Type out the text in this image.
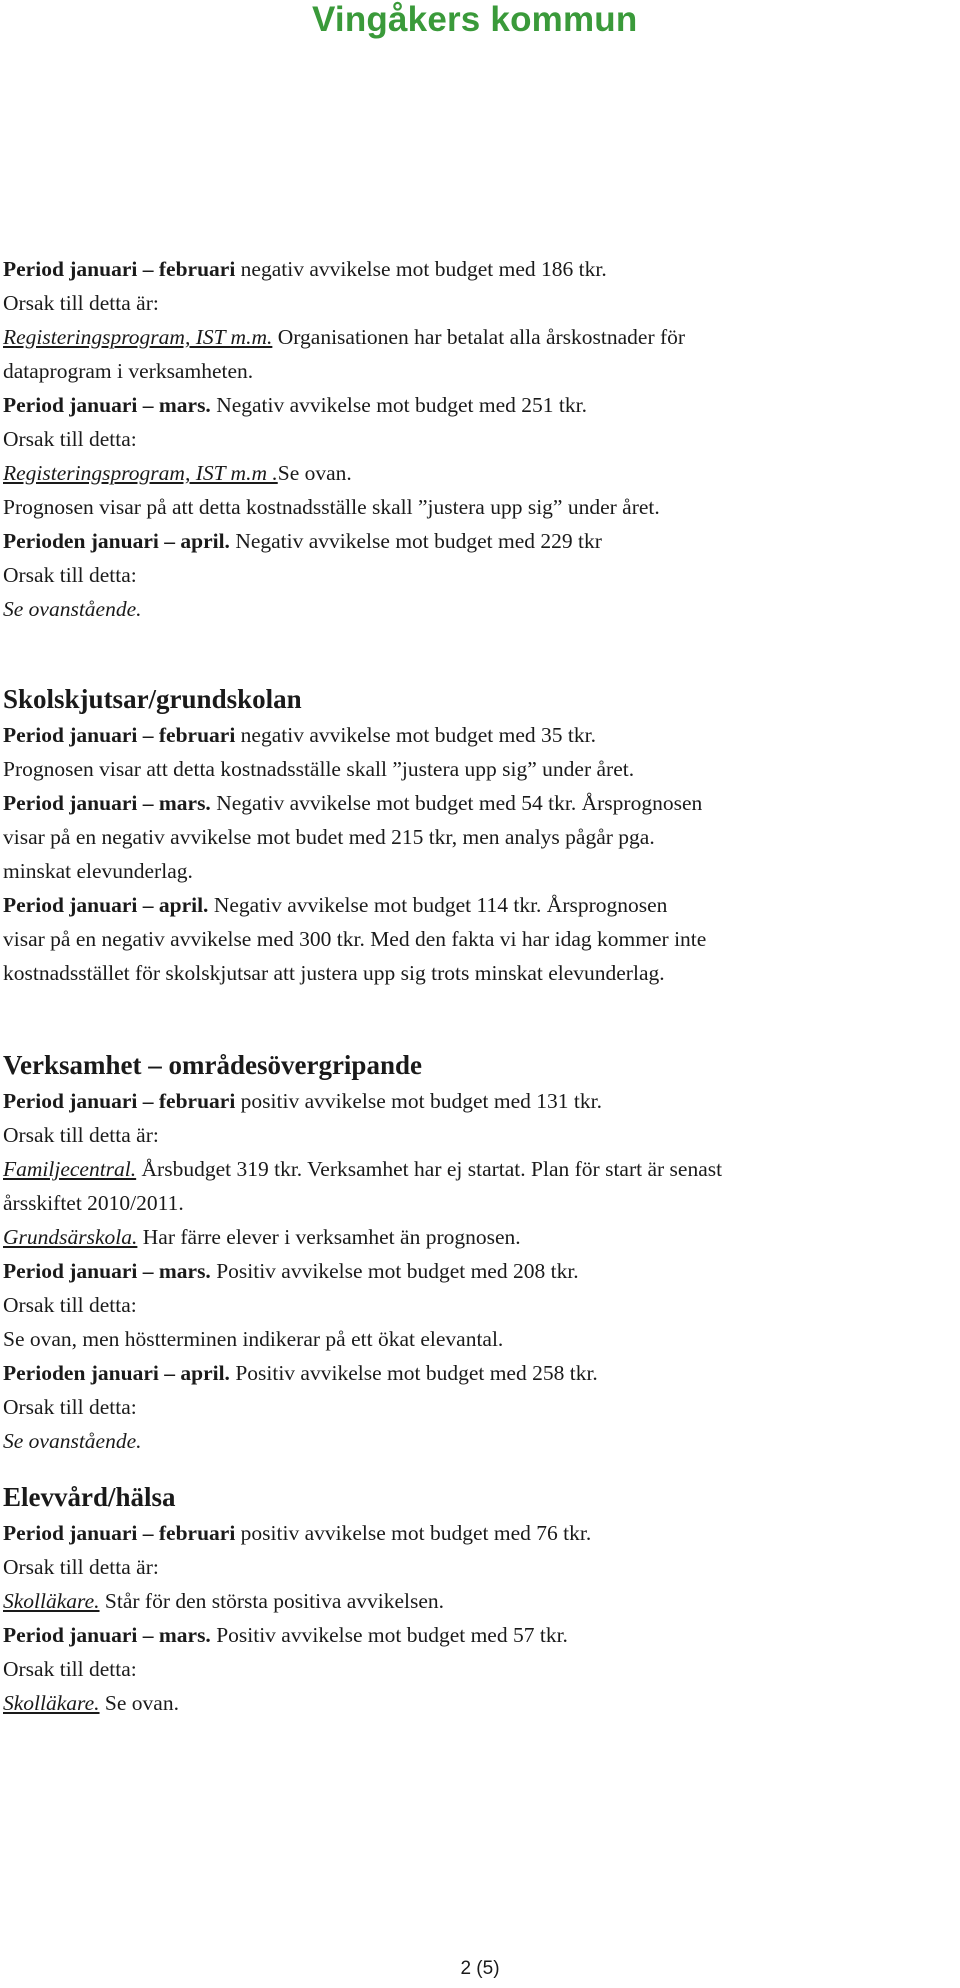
Vingåkers kommun
Period januari – februari negativ avvikelse mot budget med 186 tkr.
Orsak till detta är:
Registeringsprogram, IST m.m. Organisationen har betalat alla årskostnader för
dataprogram i verksamheten.
Period januari – mars. Negativ avvikelse mot budget med 251 tkr.
Orsak till detta:
Registeringsprogram, IST m.m .Se ovan.
Prognosen visar på att detta kostnadsställe skall ”justera upp sig” under året.
Perioden januari – april. Negativ avvikelse mot budget med 229 tkr
Orsak till detta:
Se ovanstående.
Skolskjutsar/grundskolan
Period januari – februari negativ avvikelse mot budget med 35 tkr.
Prognosen visar att detta kostnadsställe skall ”justera upp sig” under året.
Period januari – mars. Negativ avvikelse mot budget med 54 tkr. Årsprognosen
visar på en negativ avvikelse mot budet med 215 tkr, men analys pågår pga.
minskat elevunderlag.
Period januari – april. Negativ avvikelse mot budget 114 tkr. Årsprognosen
visar på en negativ avvikelse med 300 tkr. Med den fakta vi har idag kommer inte
kostnadsstället för skolskjutsar att justera upp sig trots minskat elevunderlag.
Verksamhet – områdesövergripande
Period januari – februari positiv avvikelse mot budget med 131 tkr.
Orsak till detta är:
Familjecentral. Årsbudget 319 tkr. Verksamhet har ej startat. Plan för start är senast
årsskiftet 2010/2011.
Grundsärskola. Har färre elever i verksamhet än prognosen.
Period januari – mars. Positiv avvikelse mot budget med 208 tkr.
Orsak till detta:
Se ovan, men höstterminen indikerar på ett ökat elevantal.
Perioden januari – april. Positiv avvikelse mot budget med 258 tkr.
Orsak till detta:
Se ovanstående.
Elevvård/hälsa
Period januari – februari positiv avvikelse mot budget med 76 tkr.
Orsak till detta är:
Skolläkare. Står för den största positiva avvikelsen.
Period januari – mars. Positiv avvikelse mot budget med 57 tkr.
Orsak till detta:
Skolläkare. Se ovan.
2 (5)
